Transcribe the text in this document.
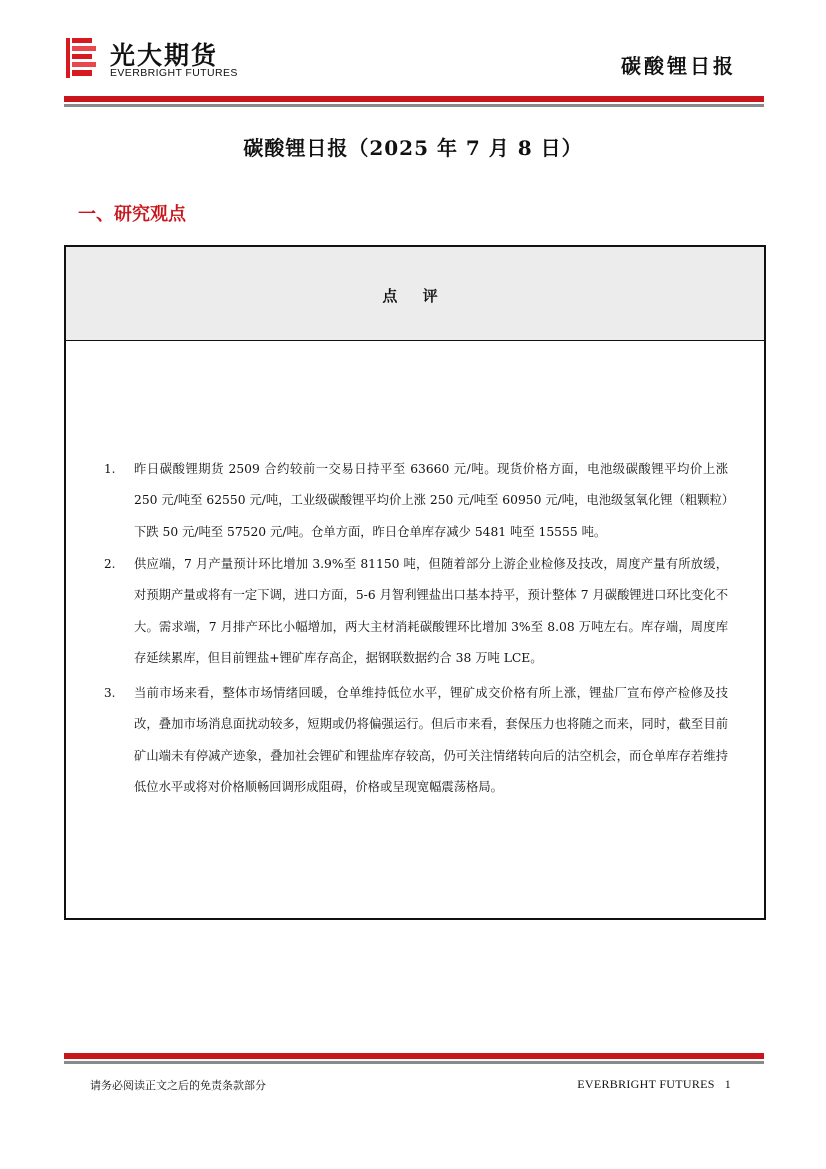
光大期货
EVERBRIGHT FUTURES	碳酸锂日报
碳酸锂日报（2025 年 7 月 8 日）
一、研究观点
点 评
1. 昨日碳酸锂期货 2509 合约较前一交易日持平至 63660 元/吨。现货价格方面，电池级碳酸锂平均价上涨 250 元/吨至 62550 元/吨，工业级碳酸锂平均价上涨 250 元/吨至 60950 元/吨，电池级氢氧化锂（粗颗粒）下跌 50 元/吨至 57520 元/吨。仓单方面，昨日仓单库存减少 5481 吨至 15555 吨。

2. 供应端，7 月产量预计环比增加 3.9%至 81150 吨，但随着部分上游企业检修及技改，周度产量有所放缓，对预期产量或将有一定下调，进口方面，5-6 月智利锂盐出口基本持平，预计整体 7 月碳酸锂进口环比变化不大。需求端，7 月排产环比小幅增加，两大主材消耗碳酸锂环比增加 3%至 8.08 万吨左右。库存端，周度库存延续累库，但目前锂盐+锂矿库存高企，据钢联数据约合 38 万吨 LCE。

3. 当前市场来看，整体市场情绪回暖，仓单维持低位水平，锂矿成交价格有所上涨，锂盐厂宣布停产检修及技改，叠加市场消息面扰动较多，短期或仍将偏强运行。但后市来看，套保压力也将随之而来，同时，截至目前矿山端未有停减产迹象，叠加社会锂矿和锂盐库存较高，仍可关注情绪转向后的沽空机会，而仓单库存若维持低位水平或将对价格顺畅回调形成阻碍，价格或呈现宽幅震荡格局。

请务必阅读正文之后的免责条款部分	EVERBRIGHT FUTURES 1
